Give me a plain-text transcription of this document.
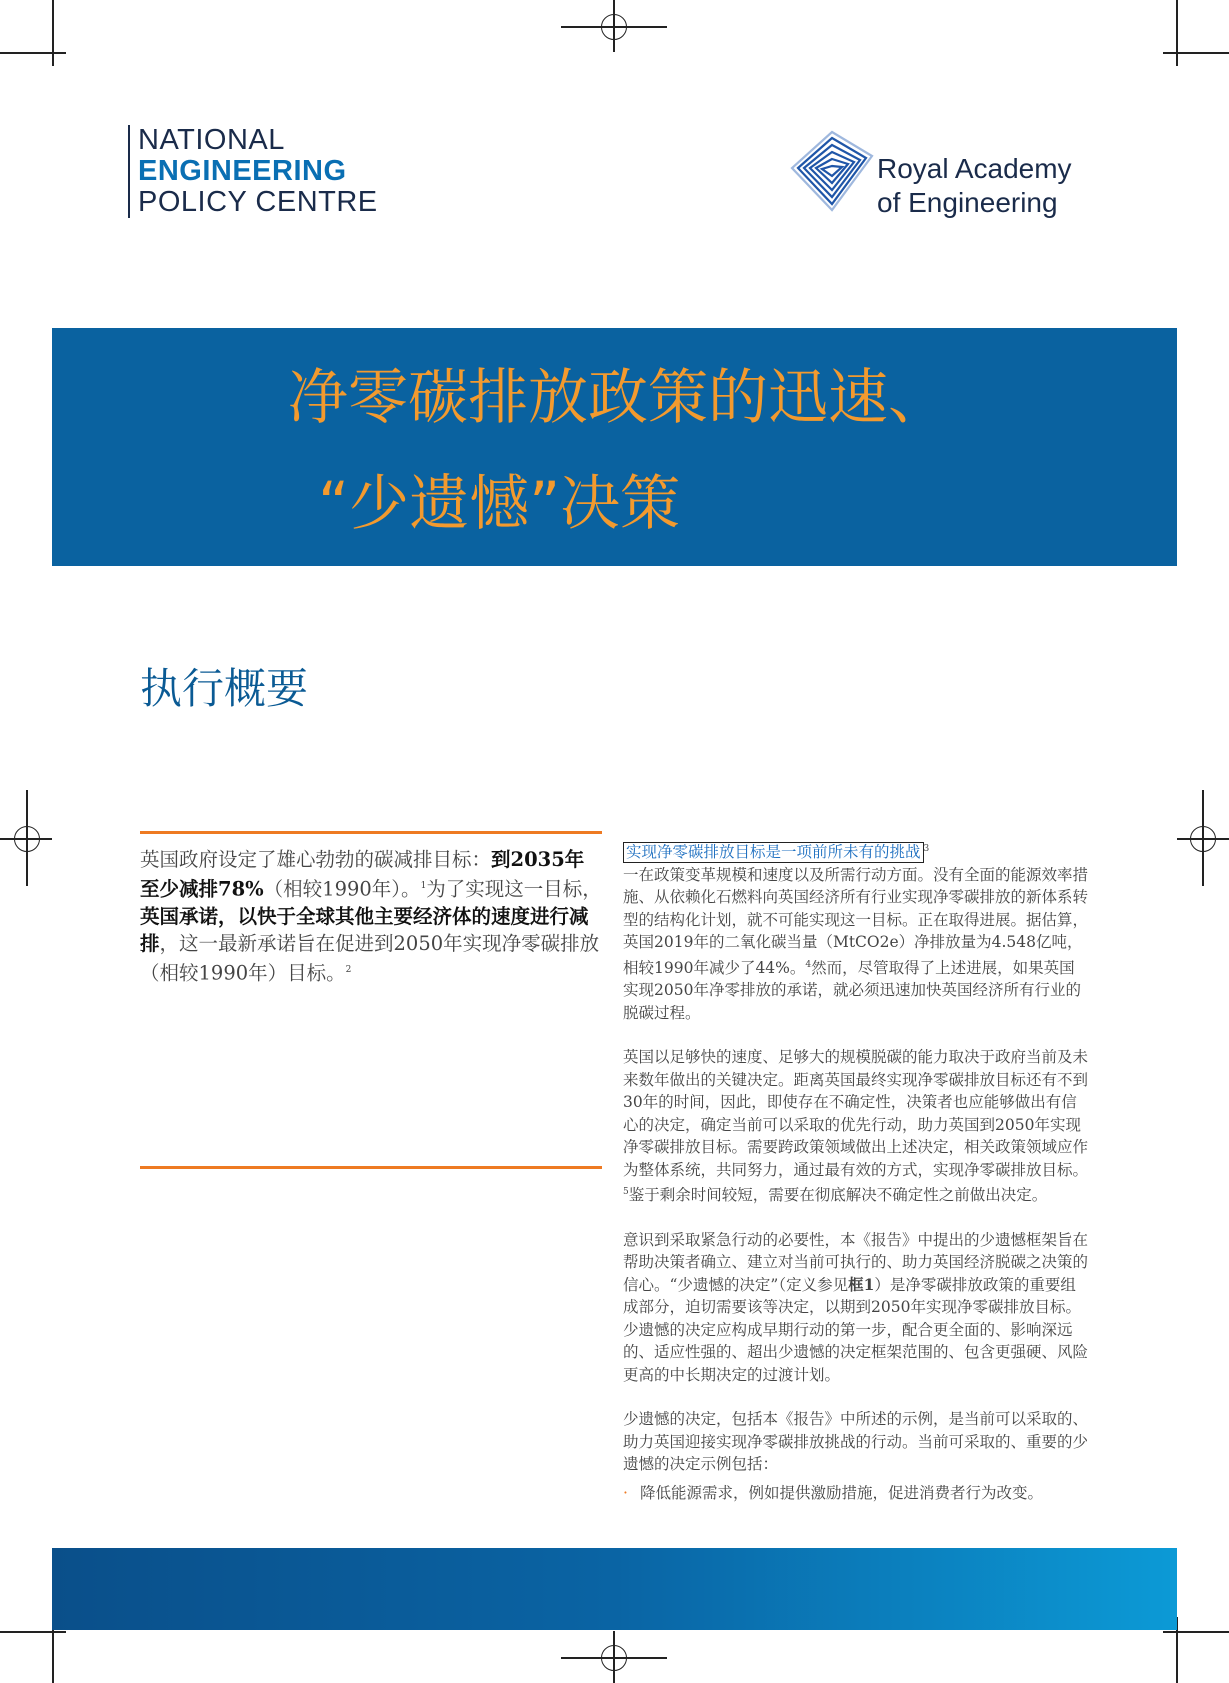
NATIONAL
ENGINEERING
POLICY CENTRE
Royal Academy
of Engineering
净零碳排放政策的迅速、
“少遗憾”决策
执行概要
英国政府设定了雄心勃勃的碳减排目标：到2035年至少减排78%（相较1990年）。$^1$为了实现这一目标，英国承诺，以快于全球其他主要经济体的速度进行减排，这一最新承诺旨在促进到2050年实现净零碳排放（相较1990年）目标。$^2$

实现净零碳排放目标是一项前所未有的挑战 $^3$
一在政策变革规模和速度以及所需行动方面。没有全面的能源效率措施、从依赖化石燃料向英国经济所有行业实现净零碳排放的新体系转型的结构化计划，就不可能实现这一目标。正在取得进展。据估算，英国2019年的二氧化碳当量（MtCO2e）净排放量为4.548亿吨，相较1990年减少了44%。$^4$然而，尽管取得了上述进展，如果英国实现2050年净零排放的承诺，就必须迅速加快英国经济所有行业的脱碳过程。

英国以足够快的速度、足够大的规模脱碳的能力取决于政府当前及未来数年做出的关键决定。距离英国最终实现净零碳排放目标还有不到30年的时间，因此，即使存在不确定性，决策者也应能够做出有信心的决定，确定当前可以采取的优先行动，助力英国到2050年实现净零碳排放目标。需要跨政策领域做出上述决定，相关政策领域应作为整体系统，共同努力，通过最有效的方式，实现净零碳排放目标。$^5$鉴于剩余时间较短，需要在彻底解决不确定性之前做出决定。

意识到采取紧急行动的必要性，本《报告》中提出的少遗憾框架旨在帮助决策者确立、建立对当前可执行的、助力英国经济脱碳之决策的信心。“少遗憾的决定”（定义参见框1）是净零碳排放政策的重要组成部分，迫切需要该等决定，以期到2050年实现净零碳排放目标。少遗憾的决定应构成早期行动的第一步，配合更全面的、影响深远的、适应性强的、超出少遗憾的决定框架范围的、包含更强硬、风险更高的中长期决定的过渡计划。

少遗憾的决定，包括本《报告》中所述的示例，是当前可以采取的、助力英国迎接实现净零碳排放挑战的行动。当前可采取的、重要的少遗憾的决定示例包括：

· 降低能源需求，例如提供激励措施，促进消费者行为改变。
